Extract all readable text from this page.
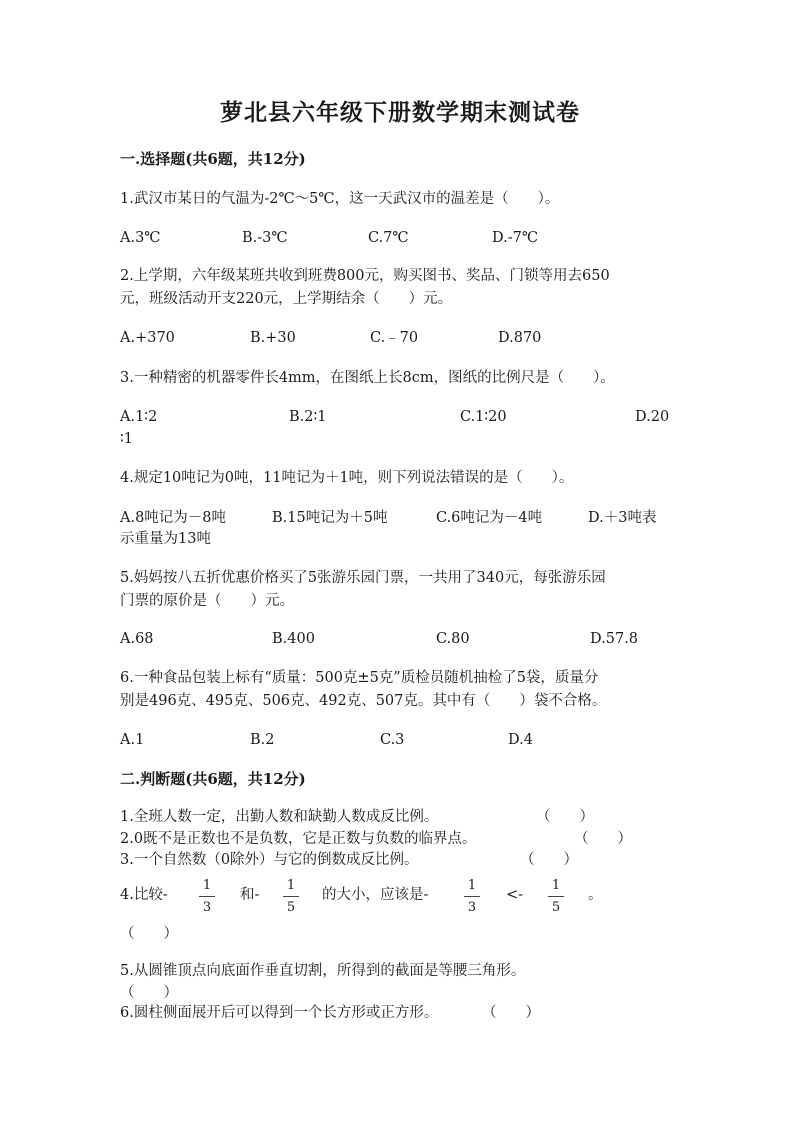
萝北县六年级下册数学期末测试卷
一.选择题(共6题，共12分)
1.武汉市某日的气温为-2℃～5℃，这一天武汉市的温差是（　　）。
A.3℃	B.-3℃	C.7℃	D.-7℃
2.上学期，六年级某班共收到班费800元，购买图书、奖品、门锁等用去650
元，班级活动开支220元，上学期结余（　　）元。
A.+370	B.+30	C.﹣70	D.870
3.一种精密的机器零件长4mm，在图纸上长8cm，图纸的比例尺是（　　）。
A.1∶2	B.2∶1	C.1∶20	D.20
∶1
4.规定10吨记为0吨，11吨记为＋1吨，则下列说法错误的是（　　）。
A.8吨记为－8吨	B.15吨记为＋5吨	C.6吨记为－4吨	D.＋3吨表
示重量为13吨
5.妈妈按八五折优惠价格买了5张游乐园门票，一共用了340元，每张游乐园
门票的原价是（　　）元。
A.68	B.400	C.80	D.57.8
6.一种食品包装上标有“质量：500克±5克”质检员随机抽检了5袋，质量分
别是496克、495克、506克、492克、507克。其中有（　　）袋不合格。
A.1	B.2	C.3	D.4
二.判断题(共6题，共12分)
1.全班人数一定，出勤人数和缺勤人数成反比例。	（　　）
2.0既不是正数也不是负数，它是正数与负数的临界点。	（　　）
3.一个自然数（0除外）与它的倒数成反比例。	（　　）
4.比较- $\frac{1}{3}$ 和- $\frac{1}{5}$ 的大小，应该是-	$\frac{1}{3} <- \frac{1}{5}$ 。
（　　）
5.从圆锥顶点向底面作垂直切割，所得到的截面是等腰三角形。
（　　）
6.圆柱侧面展开后可以得到一个长方形或正方形。	（　　）
